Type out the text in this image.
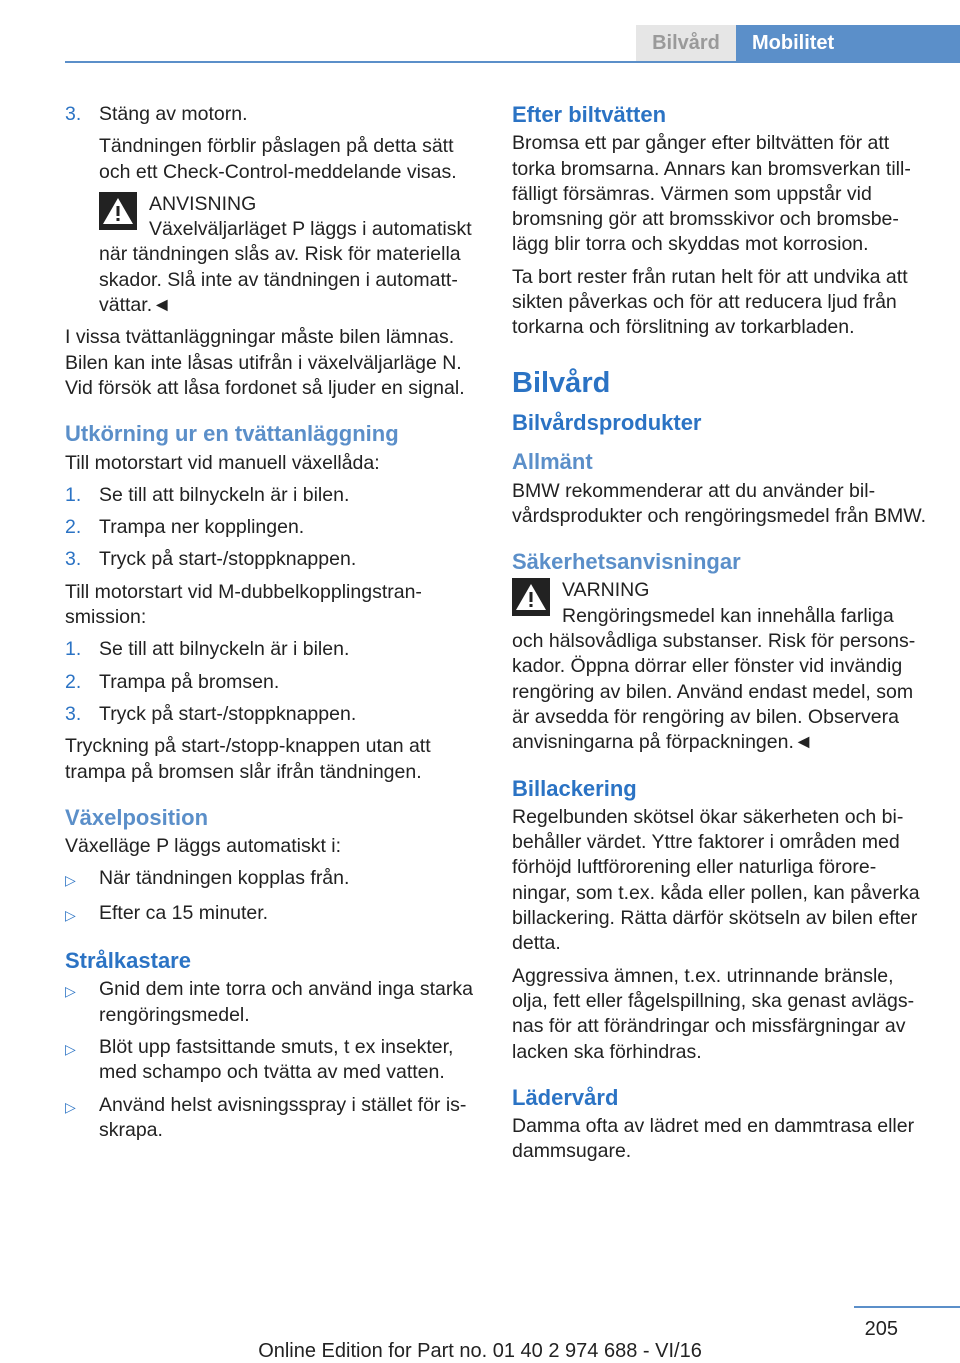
Bilvård	Mobilitet
3. Stäng av motorn.

Tändningen förblir påslagen på detta sätt och ett Check-Control-meddelande visas.

ANVISNING
Växelväljarläget P läggs i automatiskt
när tändningen slås av. Risk för materiella skador. Slå inte av tändningen i automattvättar.◄

I vissa tvättanläggningar måste bilen lämnas. Bilen kan inte låsas utifrån i växelväljarläge N. Vid försök att låsa fordonet så ljuder en signal.

Utkörning ur en tvättanläggning

Till motorstart vid manuell växellåda:

1. Se till att bilnyckeln är i bilen.
2. Trampa ner kopplingen.
3. Tryck på start-/stoppknappen.

Till motorstart vid M-dubbelkopplingstransmission:

1. Se till att bilnyckeln är i bilen.
2. Trampa på bromsen.
3. Tryck på start-/stoppknappen.

Tryckning på start-/stopp-knappen utan att trampa på bromsen slår ifrån tändningen.

Växelposition

Växelläge P läggs automatiskt i:

▷	När tändningen kopplas från.
▷	Efter ca 15 minuter.
Strålkastare
▷	Gnid dem inte torra och använd inga starka rengöringsmedel.
▷	Blöt upp fastsittande smuts, t ex insekter, med schampo och tvätta av med vatten.
▷	Använd helst avisningsspray i stället för isskrapa.
Efter biltvätten

Bromsa ett par gånger efter biltvätten för att torka bromsarna. Annars kan bromsverkan tillfälligt försämras. Värmen som uppstår vid bromsning gör att bromsskivor och bromsbelägg blir torra och skyddas mot korrosion.

Ta bort rester från rutan helt för att undvika att sikten påverkas och för att reducera ljud från torkarna och förslitning av torkarbladen.

Bilvård
Bilvårdsprodukter
Allmänt

BMW rekommenderar att du använder bilvårdsprodukter och rengöringsmedel från BMW.

Säkerhetsanvisningar
VARNING
Rengöringsmedel kan innehålla farliga
och hälsovådliga substanser. Risk för personskador. Öppna dörrar eller fönster vid invändig rengöring av bilen. Använd endast medel, som är avsedda för rengöring av bilen. Observera anvisningarna på förpackningen.◄
Billackering

Regelbunden skötsel ökar säkerheten och bibehåller värdet. Yttre faktorer i områden med förhöjd luftförorening eller naturliga föroreningar, som t.ex. kåda eller pollen, kan påverka billackering. Rätta därför skötseln av bilen efter detta.

Aggressiva ämnen, t.ex. utrinnande bränsle, olja, fett eller fågelspillning, ska genast avlägsnas för att förändringar och missfärgningar av lacken ska förhindras.

Lädervård

Damma ofta av lädret med en dammtrasa eller dammsugare.

205
Online Edition for Part no. 01 40 2 974 688 - VI/16
